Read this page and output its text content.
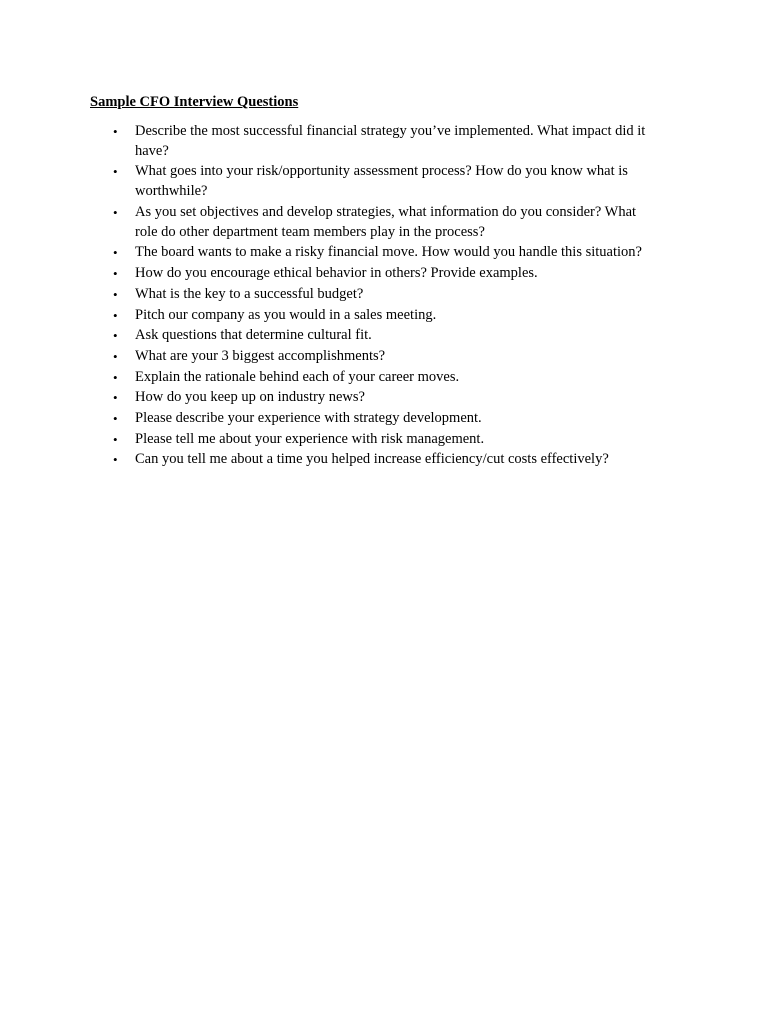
Sample CFO Interview Questions
• Describe the most successful financial strategy you’ve implemented. What impact did it have?
• What goes into your risk/opportunity assessment process? How do you know what is worthwhile?
• As you set objectives and develop strategies, what information do you consider? What role do other department team members play in the process?
• The board wants to make a risky financial move. How would you handle this situation?
• How do you encourage ethical behavior in others? Provide examples.
• What is the key to a successful budget?
• Pitch our company as you would in a sales meeting.
• Ask questions that determine cultural fit.
• What are your 3 biggest accomplishments?
• Explain the rationale behind each of your career moves.
• How do you keep up on industry news?
• Please describe your experience with strategy development.
• Please tell me about your experience with risk management.
• Can you tell me about a time you helped increase efficiency/cut costs effectively?
